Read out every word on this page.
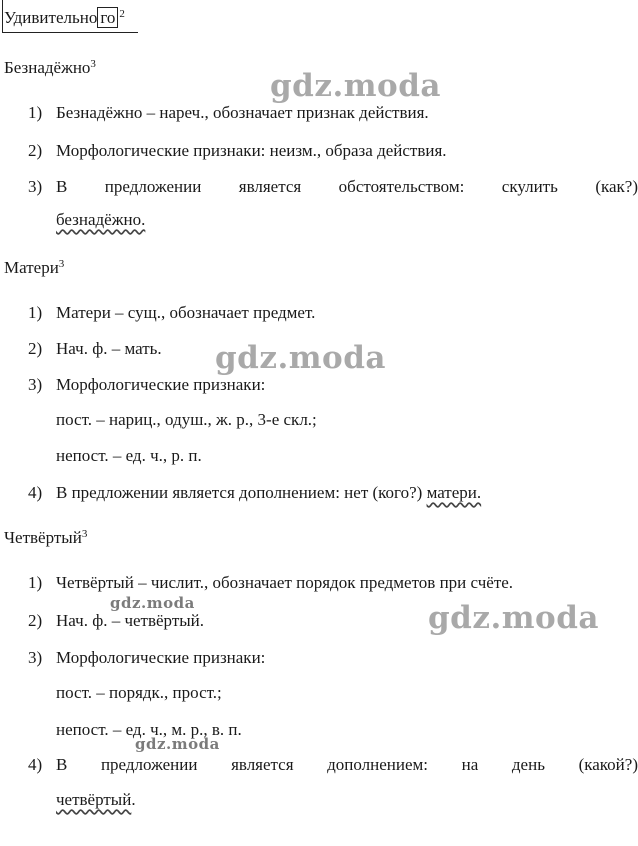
Удивительно го $^2$
Безнадёжно$^3$
1) Безнадёжно – нареч., обозначает признак действия.
2) Морфологические признаки: неизм., образа действия.
3) В предложении является обстоятельством: скулить (как?)
безнадёжно.
Матери$^3$
1) Матери – сущ., обозначает предмет.
2) Нач. ф. – мать.
3) Морфологические признаки:
пост. – нариц., одуш., ж. р., 3-е скл.;
непост. – ед. ч., р. п.
4) В предложении является дополнением: нет (кого?) матери.
Четвёртый$^3$
1) Четвёртый – числит., обозначает порядок предметов при счёте.
2) Нач. ф. – четвёртый.
3) Морфологические признаки:
пост. – порядк., прост.;
непост. – ед. ч., м. р., в. п.
4) В предложении является дополнением: на день (какой?)
четвёртый.
gdz.moda
gdz.moda
gdz.moda
gdz.moda
gdz.moda
